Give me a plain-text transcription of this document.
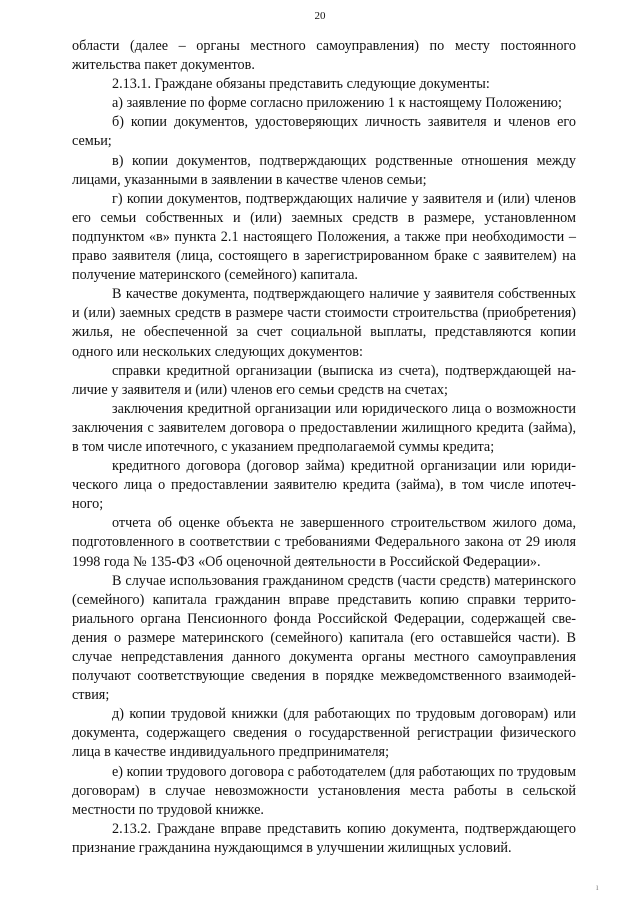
20

области (далее – органы местного самоуправления) по месту постоянного жительства пакет документов.

2.13.1. Граждане обязаны представить следующие документы:

а) заявление по форме согласно приложению 1 к настоящему Положению;

б) копии документов, удостоверяющих личность заявителя и членов его семьи;

в) копии документов, подтверждающих родственные отношения между лицами, указанными в заявлении в качестве членов семьи;

г) копии документов, подтверждающих наличие у заявителя и (или) членов его семьи собственных и (или) заемных средств в размере, установленном подпунктом «в» пункта 2.1 настоящего Положения, а также при необходимости – право заявителя (лица, состоящего в зарегистрированном браке с заявителем) на получение материнского (семейного) капитала.

В качестве документа, подтверждающего наличие у заявителя собственных и (или) заемных средств в размере части стоимости строительства (приобретения) жилья, не обеспеченной за счет социальной выплаты, представляются копии одного или нескольких следующих документов:

справки кредитной организации (выписка из счета), подтверждающей наличие у заявителя и (или) членов его семьи средств на счетах;

заключения кредитной организации или юридического лица о возможности заключения с заявителем договора о предоставлении жилищного кредита (займа), в том числе ипотечного, с указанием предполагаемой суммы кредита;

кредитного договора (договор займа) кредитной организации или юридического лица о предоставлении заявителю кредита (займа), в том числе ипотечного;

отчета об оценке объекта не завершенного строительством жилого дома, подготовленного в соответствии с требованиями Федерального закона от 29 июля 1998 года № 135-ФЗ «Об оценочной деятельности в Российской Федерации».

В случае использования гражданином средств (части средств) материнского (семейного) капитала гражданин вправе представить копию справки территориального органа Пенсионного фонда Российской Федерации, содержащей сведения о размере материнского (семейного) капитала (его оставшейся части). В случае непредставления данного документа органы местного самоуправления получают соответствующие сведения в порядке межведомственного взаимодействия;

д) копии трудовой книжки (для работающих по трудовым договорам) или документа, содержащего сведения о государственной регистрации физического лица в качестве индивидуального предпринимателя;

е) копии трудового договора с работодателем (для работающих по трудовым договорам) в случае невозможности установления места работы в сельской местности по трудовой книжке.

2.13.2. Граждане вправе представить копию документа, подтверждающего признание гражданина нуждающимся в улучшении жилищных условий.

ı
